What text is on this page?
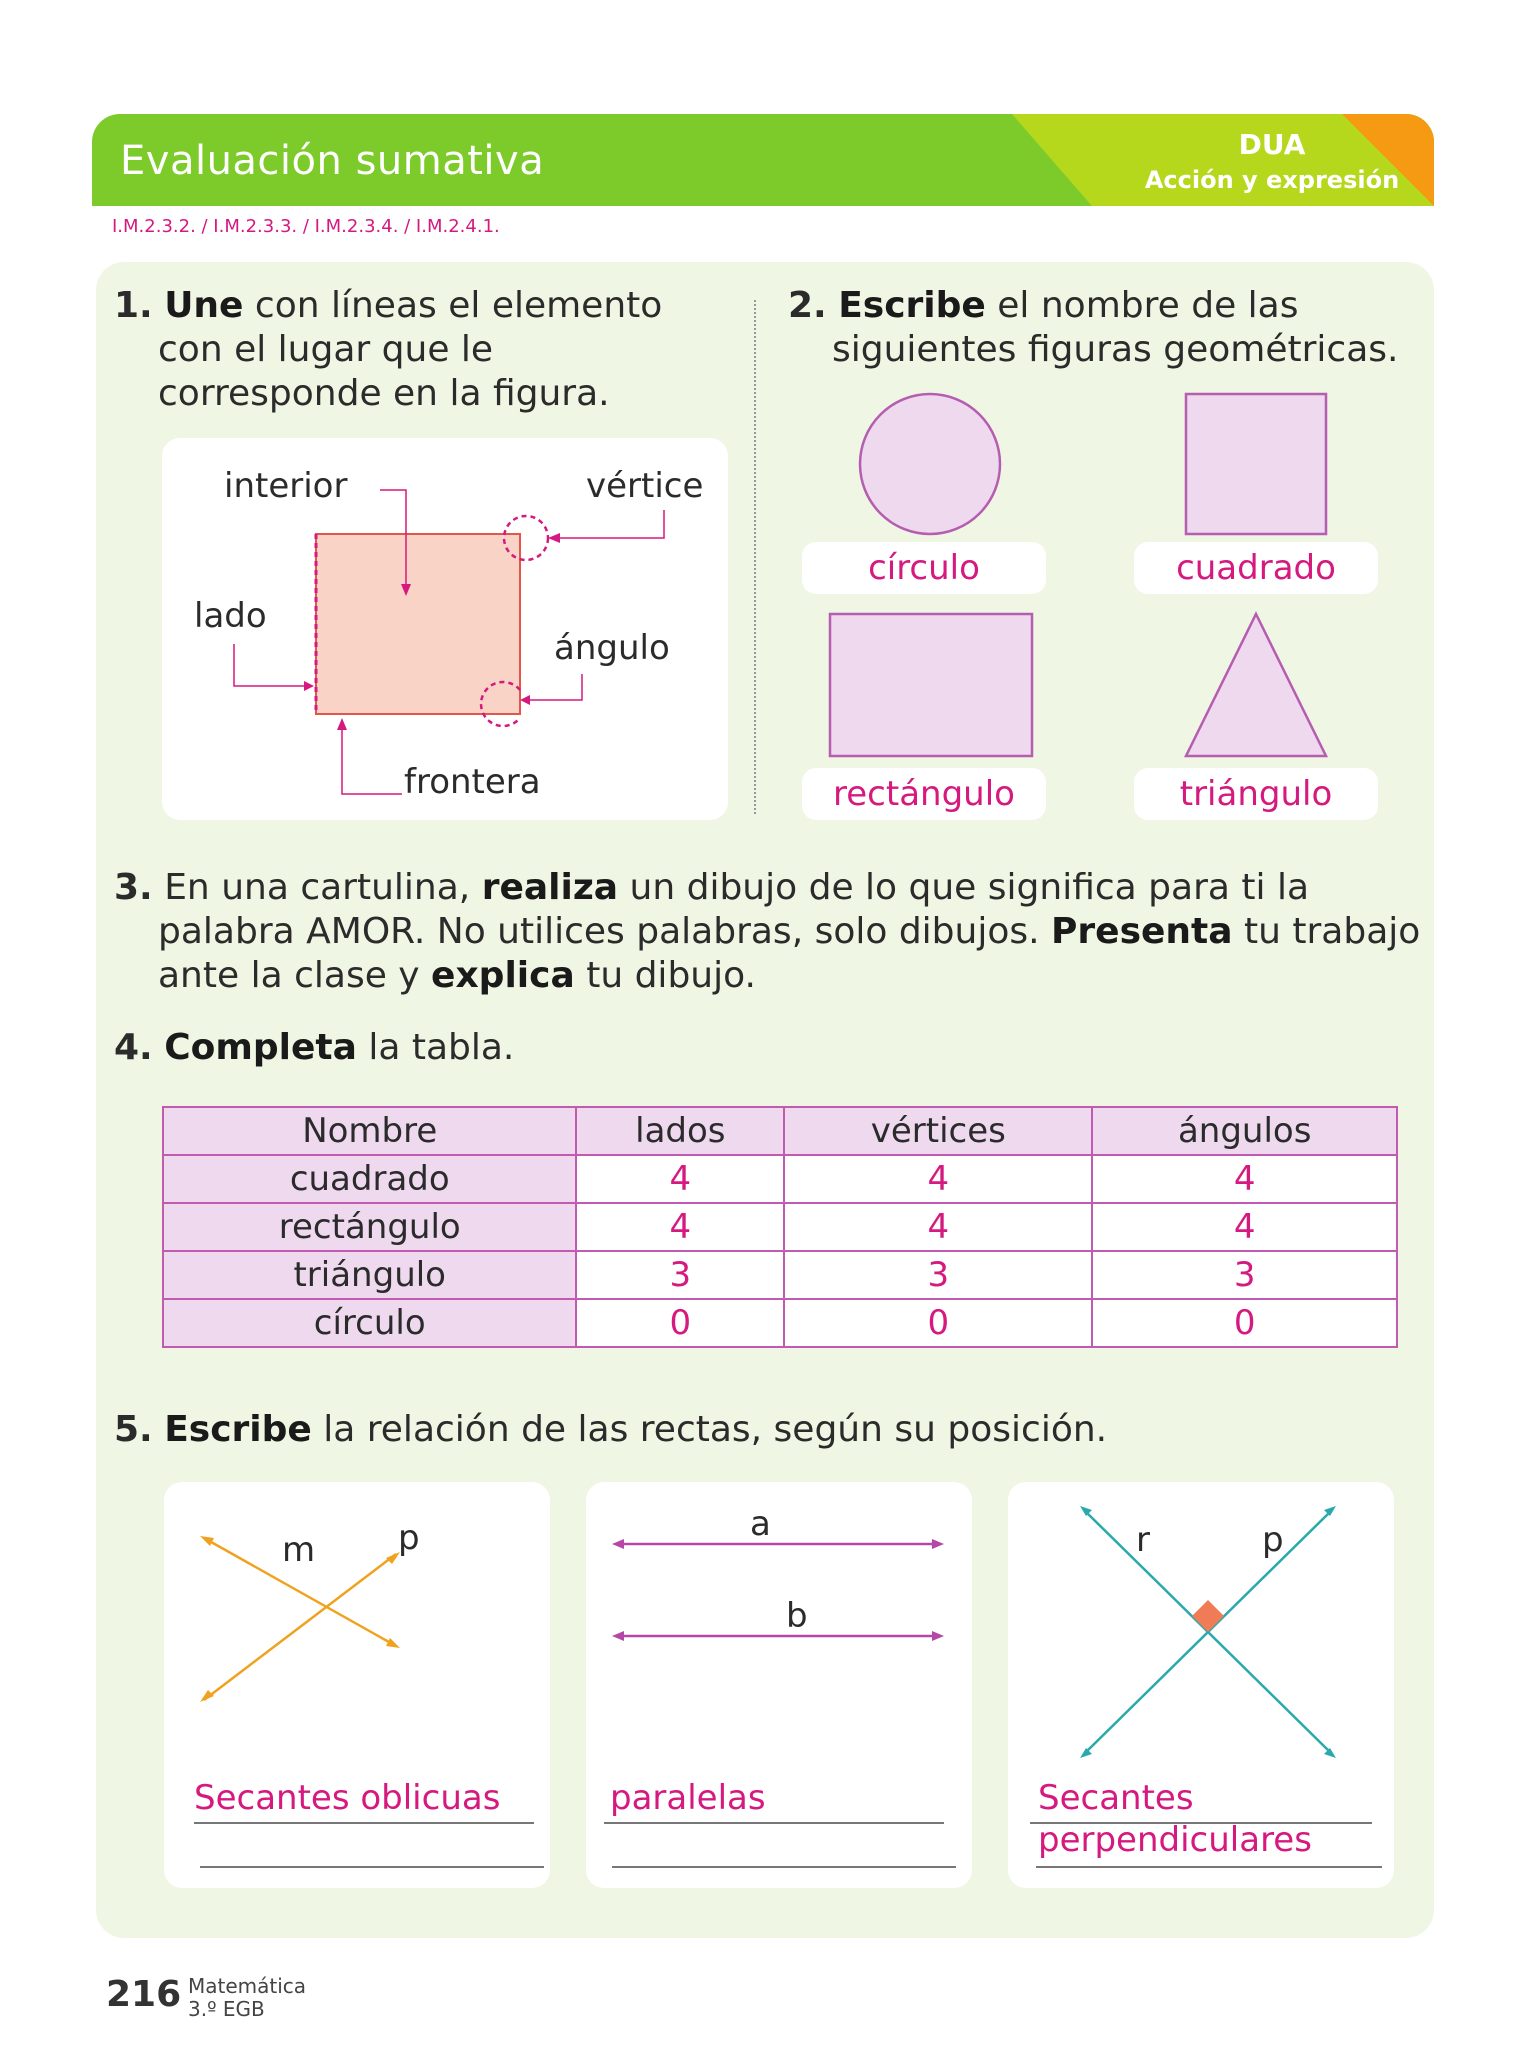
Evaluación sumativa	DUA
Acción y expresión
I.M.2.3.2. / I.M.2.3.3. / I.M.2.3.4. / I.M.2.4.1.
1. Une con líneas el elemento
con el lugar que le
corresponde en la figura.
interior	vértice
lado
ángulo
frontera
2. Escribe el nombre de las
siguientes figuras geométricas.
círculo	cuadrado
rectángulo	triángulo
3. En una cartulina, realiza un dibujo de lo que significa para ti la
palabra AMOR. No utilices palabras, solo dibujos. Presenta tu trabajo
ante la clase y explica tu dibujo.
4. Completa la tabla.
Nombre	lados	vértices	ángulos
cuadrado	4	4	4
rectángulo	4	4	4
triángulo	3	3	3
círculo	0	0	0
5. Escribe la relación de las rectas, según su posición.
m p
Secantes oblicuas
a
b
paralelas
r	p
Secantes
perpendiculares
216 Matemática
3.º EGB
